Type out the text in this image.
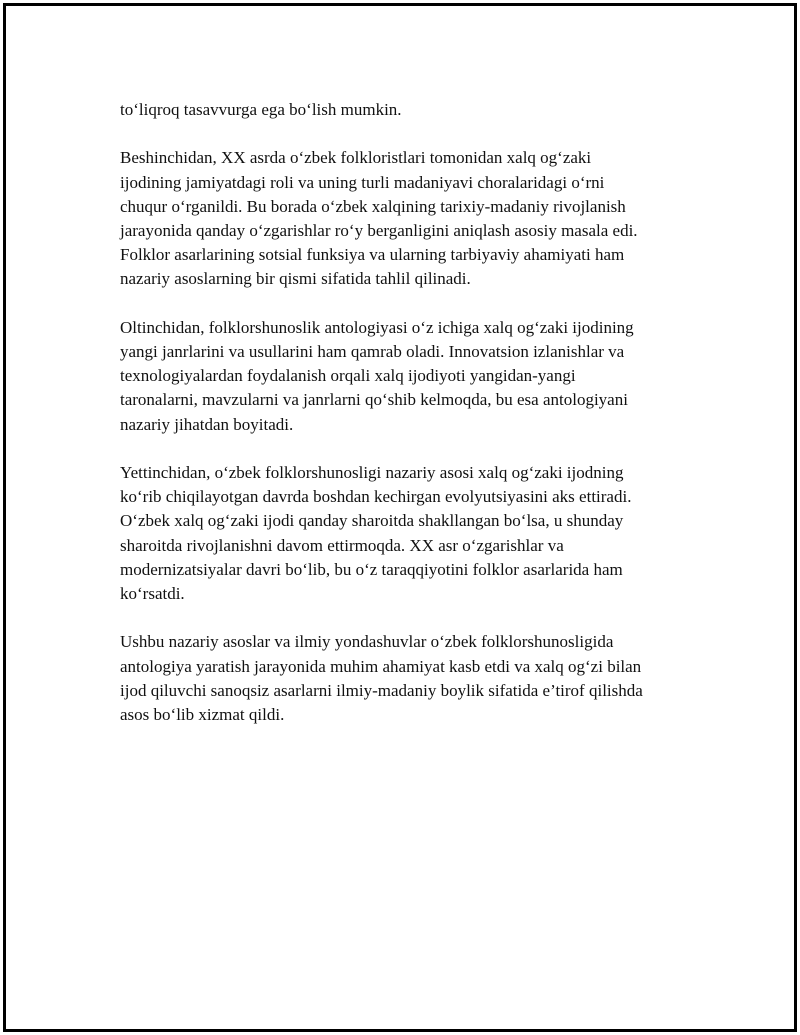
to‘liqroq tasavvurga ega bo‘lish mumkin.

Beshinchidan, XX asrda o‘zbek folkloristlari tomonidan xalq og‘zaki

ijodining jamiyatdagi roli va uning turli madaniyavi choralaridagi o‘rni

chuqur o‘rganildi. Bu borada o‘zbek xalqining tarixiy-madaniy rivojlanish

jarayonida qanday o‘zgarishlar ro‘y berganligini aniqlash asosiy masala edi.

Folklor asarlarining sotsial funksiya va ularning tarbiyaviy ahamiyati ham

nazariy asoslarning bir qismi sifatida tahlil qilinadi.

Oltinchidan, folklorshunoslik antologiyasi o‘z ichiga xalq og‘zaki ijodining

yangi janrlarini va usullarini ham qamrab oladi. Innovatsion izlanishlar va

texnologiyalardan foydalanish orqali xalq ijodiyoti yangidan-yangi

taronalarni, mavzularni va janrlarni qo‘shib kelmoqda, bu esa antologiyani

nazariy jihatdan boyitadi.

Yettinchidan, o‘zbek folklorshunosligi nazariy asosi xalq og‘zaki ijodning

ko‘rib chiqilayotgan davrda boshdan kechirgan evolyutsiyasini aks ettiradi.

O‘zbek xalq og‘zaki ijodi qanday sharoitda shakllangan bo‘lsa, u shunday

sharoitda rivojlanishni davom ettirmoqda. XX asr o‘zgarishlar va

modernizatsiyalar davri bo‘lib, bu o‘z taraqqiyotini folklor asarlarida ham

ko‘rsatdi.

Ushbu nazariy asoslar va ilmiy yondashuvlar o‘zbek folklorshunosligida

antologiya yaratish jarayonida muhim ahamiyat kasb etdi va xalq og‘zi bilan

ijod qiluvchi sanoqsiz asarlarni ilmiy-madaniy boylik sifatida e’tirof qilishda

asos bo‘lib xizmat qildi.
